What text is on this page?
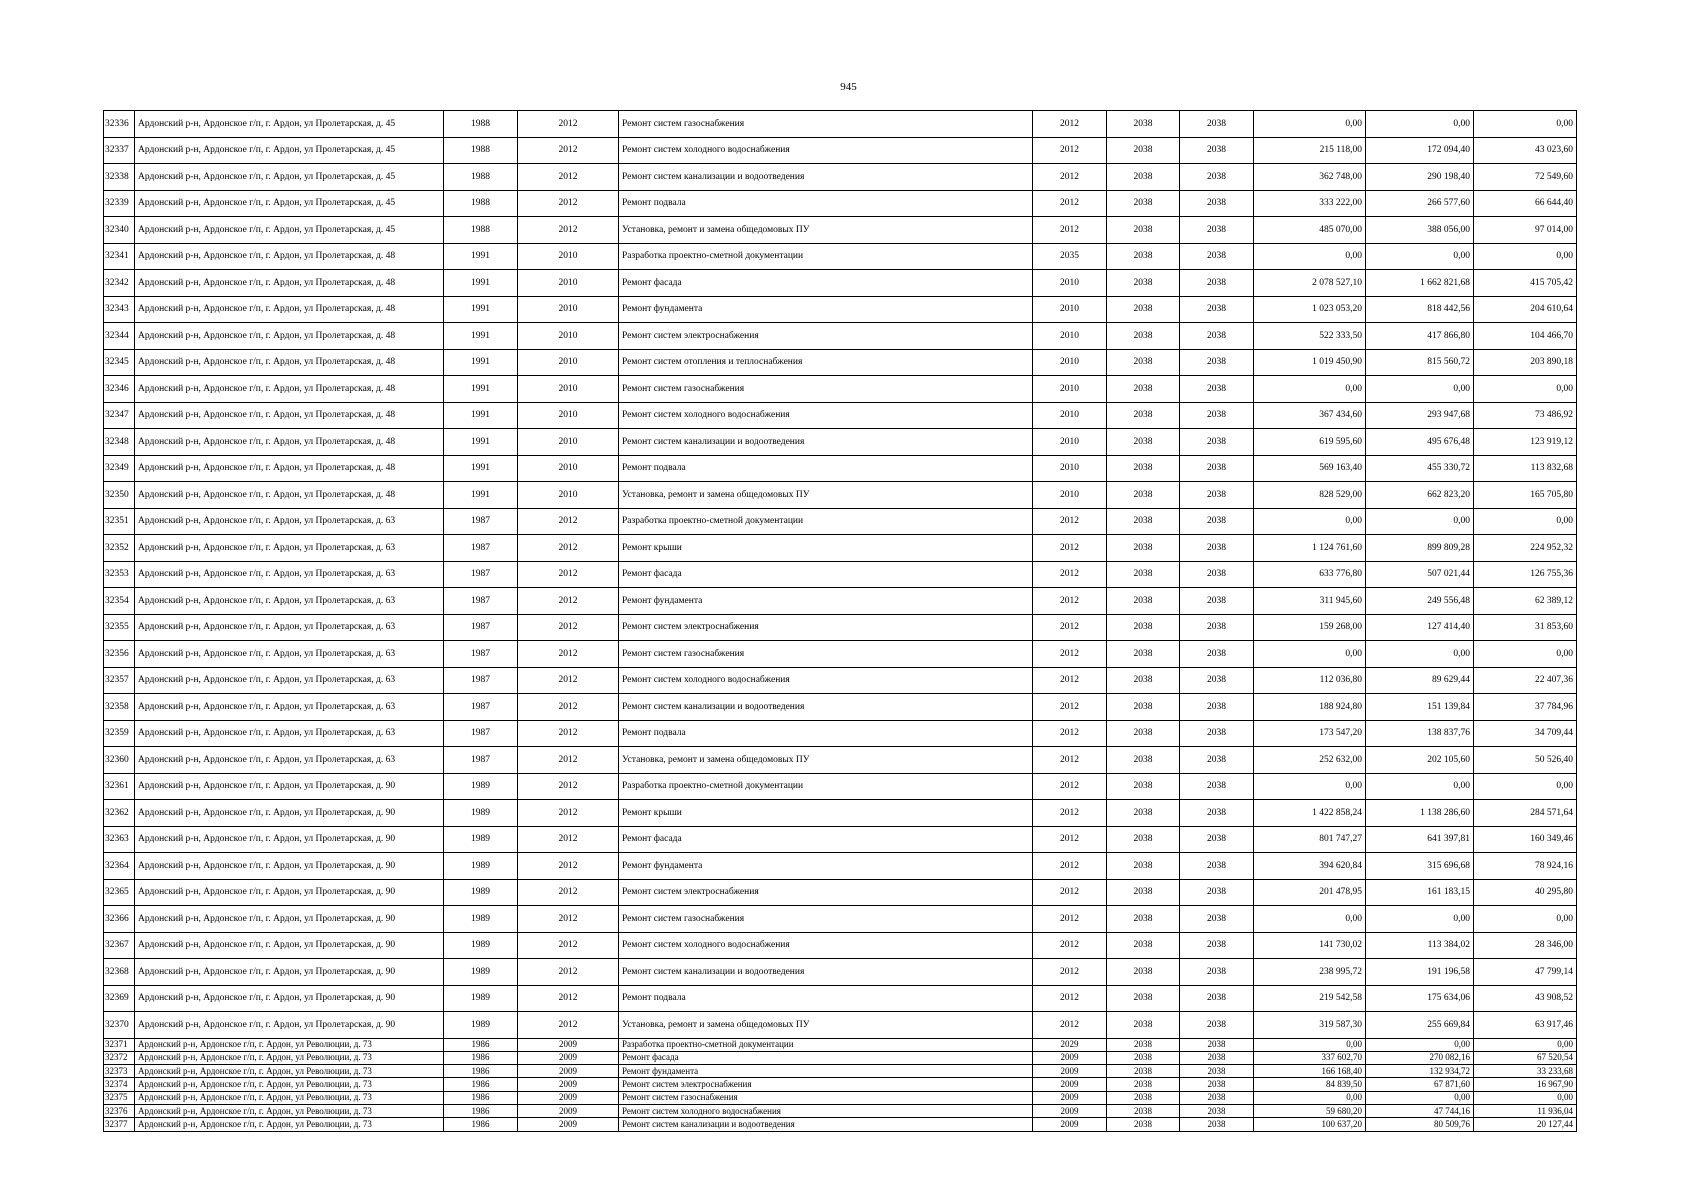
945
32336	Ардонский р-н, Ардонское г/п, г. Ардон, ул Пролетарская, д. 45	1988	2012	Ремонт систем газоснабжения	2012	2038	2038	0,00	0,00	0,00
32337	Ардонский р-н, Ардонское г/п, г. Ардон, ул Пролетарская, д. 45	1988	2012	Ремонт систем холодного водоснабжения	2012	2038	2038	215 118,00	172 094,40	43 023,60
32338	Ардонский р-н, Ардонское г/п, г. Ардон, ул Пролетарская, д. 45	1988	2012	Ремонт систем канализации и водоотведения	2012	2038	2038	362 748,00	290 198,40	72 549,60
32339	Ардонский р-н, Ардонское г/п, г. Ардон, ул Пролетарская, д. 45	1988	2012	Ремонт подвала	2012	2038	2038	333 222,00	266 577,60	66 644,40
32340	Ардонский р-н, Ардонское г/п, г. Ардон, ул Пролетарская, д. 45	1988	2012	Установка, ремонт и замена общедомовых ПУ	2012	2038	2038	485 070,00	388 056,00	97 014,00
32341	Ардонский р-н, Ардонское г/п, г. Ардон, ул Пролетарская, д. 48	1991	2010	Разработка проектно-сметной документации	2035	2038	2038	0,00	0,00	0,00
32342	Ардонский р-н, Ардонское г/п, г. Ардон, ул Пролетарская, д. 48	1991	2010	Ремонт фасада	2010	2038	2038	2 078 527,10	1 662 821,68	415 705,42
32343	Ардонский р-н, Ардонское г/п, г. Ардон, ул Пролетарская, д. 48	1991	2010	Ремонт фундамента	2010	2038	2038	1 023 053,20	818 442,56	204 610,64
32344	Ардонский р-н, Ардонское г/п, г. Ардон, ул Пролетарская, д. 48	1991	2010	Ремонт систем электроснабжения	2010	2038	2038	522 333,50	417 866,80	104 466,70
32345	Ардонский р-н, Ардонское г/п, г. Ардон, ул Пролетарская, д. 48	1991	2010	Ремонт систем отопления и теплоснабжения	2010	2038	2038	1 019 450,90	815 560,72	203 890,18
32346	Ардонский р-н, Ардонское г/п, г. Ардон, ул Пролетарская, д. 48	1991	2010	Ремонт систем газоснабжения	2010	2038	2038	0,00	0,00	0,00
32347	Ардонский р-н, Ардонское г/п, г. Ардон, ул Пролетарская, д. 48	1991	2010	Ремонт систем холодного водоснабжения	2010	2038	2038	367 434,60	293 947,68	73 486,92
32348	Ардонский р-н, Ардонское г/п, г. Ардон, ул Пролетарская, д. 48	1991	2010	Ремонт систем канализации и водоотведения	2010	2038	2038	619 595,60	495 676,48	123 919,12
32349	Ардонский р-н, Ардонское г/п, г. Ардон, ул Пролетарская, д. 48	1991	2010	Ремонт подвала	2010	2038	2038	569 163,40	455 330,72	113 832,68
32350	Ардонский р-н, Ардонское г/п, г. Ардон, ул Пролетарская, д. 48	1991	2010	Установка, ремонт и замена общедомовых ПУ	2010	2038	2038	828 529,00	662 823,20	165 705,80
32351	Ардонский р-н, Ардонское г/п, г. Ардон, ул Пролетарская, д. 63	1987	2012	Разработка проектно-сметной документации	2012	2038	2038	0,00	0,00	0,00
32352	Ардонский р-н, Ардонское г/п, г. Ардон, ул Пролетарская, д. 63	1987	2012	Ремонт крыши	2012	2038	2038	1 124 761,60	899 809,28	224 952,32
32353	Ардонский р-н, Ардонское г/п, г. Ардон, ул Пролетарская, д. 63	1987	2012	Ремонт фасада	2012	2038	2038	633 776,80	507 021,44	126 755,36
32354	Ардонский р-н, Ардонское г/п, г. Ардон, ул Пролетарская, д. 63	1987	2012	Ремонт фундамента	2012	2038	2038	311 945,60	249 556,48	62 389,12
32355	Ардонский р-н, Ардонское г/п, г. Ардон, ул Пролетарская, д. 63	1987	2012	Ремонт систем электроснабжения	2012	2038	2038	159 268,00	127 414,40	31 853,60
32356	Ардонский р-н, Ардонское г/п, г. Ардон, ул Пролетарская, д. 63	1987	2012	Ремонт систем газоснабжения	2012	2038	2038	0,00	0,00	0,00
32357	Ардонский р-н, Ардонское г/п, г. Ардон, ул Пролетарская, д. 63	1987	2012	Ремонт систем холодного водоснабжения	2012	2038	2038	112 036,80	89 629,44	22 407,36
32358	Ардонский р-н, Ардонское г/п, г. Ардон, ул Пролетарская, д. 63	1987	2012	Ремонт систем канализации и водоотведения	2012	2038	2038	188 924,80	151 139,84	37 784,96
32359	Ардонский р-н, Ардонское г/п, г. Ардон, ул Пролетарская, д. 63	1987	2012	Ремонт подвала	2012	2038	2038	173 547,20	138 837,76	34 709,44
32360	Ардонский р-н, Ардонское г/п, г. Ардон, ул Пролетарская, д. 63	1987	2012	Установка, ремонт и замена общедомовых ПУ	2012	2038	2038	252 632,00	202 105,60	50 526,40
32361	Ардонский р-н, Ардонское г/п, г. Ардон, ул Пролетарская, д. 90	1989	2012	Разработка проектно-сметной документации	2012	2038	2038	0,00	0,00	0,00
32362	Ардонский р-н, Ардонское г/п, г. Ардон, ул Пролетарская, д. 90	1989	2012	Ремонт крыши	2012	2038	2038	1 422 858,24	1 138 286,60	284 571,64
32363	Ардонский р-н, Ардонское г/п, г. Ардон, ул Пролетарская, д. 90	1989	2012	Ремонт фасада	2012	2038	2038	801 747,27	641 397,81	160 349,46
32364	Ардонский р-н, Ардонское г/п, г. Ардон, ул Пролетарская, д. 90	1989	2012	Ремонт фундамента	2012	2038	2038	394 620,84	315 696,68	78 924,16
32365	Ардонский р-н, Ардонское г/п, г. Ардон, ул Пролетарская, д. 90	1989	2012	Ремонт систем электроснабжения	2012	2038	2038	201 478,95	161 183,15	40 295,80
32366	Ардонский р-н, Ардонское г/п, г. Ардон, ул Пролетарская, д. 90	1989	2012	Ремонт систем газоснабжения	2012	2038	2038	0,00	0,00	0,00
32367	Ардонский р-н, Ардонское г/п, г. Ардон, ул Пролетарская, д. 90	1989	2012	Ремонт систем холодного водоснабжения	2012	2038	2038	141 730,02	113 384,02	28 346,00
32368	Ардонский р-н, Ардонское г/п, г. Ардон, ул Пролетарская, д. 90	1989	2012	Ремонт систем канализации и водоотведения	2012	2038	2038	238 995,72	191 196,58	47 799,14
32369	Ардонский р-н, Ардонское г/п, г. Ардон, ул Пролетарская, д. 90	1989	2012	Ремонт подвала	2012	2038	2038	219 542,58	175 634,06	43 908,52
32370	Ардонский р-н, Ардонское г/п, г. Ардон, ул Пролетарская, д. 90	1989	2012	Установка, ремонт и замена общедомовых ПУ	2012	2038	2038	319 587,30	255 669,84	63 917,46
32371	Ардонский р-н, Ардонское г/п, г. Ардон, ул Революции, д. 73	1986	2009	Разработка проектно-сметной документации	2029	2038	2038	0,00	0,00	0,00
32372	Ардонский р-н, Ардонское г/п, г. Ардон, ул Революции, д. 73	1986	2009	Ремонт фасада	2009	2038	2038	337 602,70	270 082,16	67 520,54
32373	Ардонский р-н, Ардонское г/п, г. Ардон, ул Революции, д. 73	1986	2009	Ремонт фундамента	2009	2038	2038	166 168,40	132 934,72	33 233,68
32374	Ардонский р-н, Ардонское г/п, г. Ардон, ул Революции, д. 73	1986	2009	Ремонт систем электроснабжения	2009	2038	2038	84 839,50	67 871,60	16 967,90
32375	Ардонский р-н, Ардонское г/п, г. Ардон, ул Революции, д. 73	1986	2009	Ремонт систем газоснабжения	2009	2038	2038	0,00	0,00	0,00
32376	Ардонский р-н, Ардонское г/п, г. Ардон, ул Революции, д. 73	1986	2009	Ремонт систем холодного водоснабжения	2009	2038	2038	59 680,20	47 744,16	11 936,04
32377	Ардонский р-н, Ардонское г/п, г. Ардон, ул Революции, д. 73	1986	2009	Ремонт систем канализации и водоотведения	2009	2038	2038	100 637,20	80 509,76	20 127,44
